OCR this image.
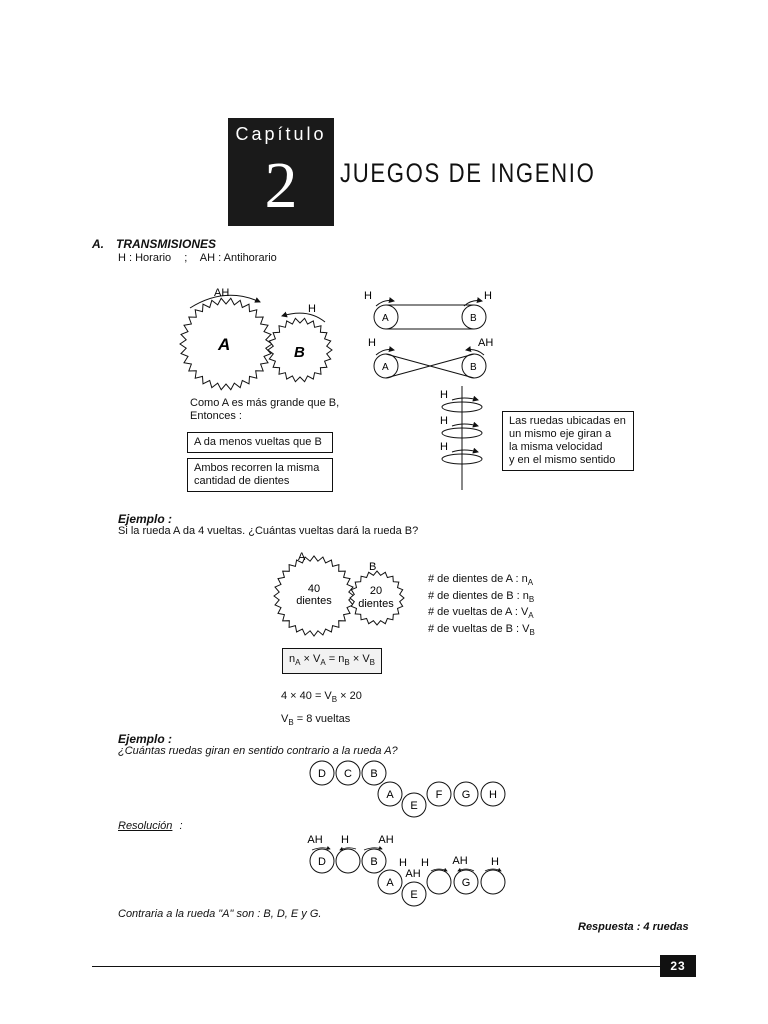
Capítulo
2	JUEGOS DE INGENIO
A. TRANSMISIONES
H : Horario ; AH : Antihorario
AH
H
A	B
H	H
A	B
H	AH
A	B
H
H
H
Las ruedas ubicadas en
un mismo eje giran a
la misma velocidad
y en el mismo sentido
Como A es más grande que B,
Entonces :
A da menos vueltas que B
Ambos recorren la misma
cantidad de dientes
Ejemplo :
Si la rueda A da 4 vueltas. ¿Cuántas vueltas dará la rueda B?
A
B
40
dientes
20
dientes
# de dientes de A : $n_A$
# de dientes de B : $n_B$
# de vueltas de A : $V_A$
# de vueltas de B : $V_B$
$n_A \times V_A = n_B \times V_B$
$4 \times 40 = V_B \times 20$
$V_B = 8$ vueltas
Ejemplo :
¿Cuántas ruedas giran en sentido contrario a la rueda A?
D C B
A
E
F G H
Resolución :
AH H	AH
H H AH
AH
H
D	B
A
E
G
Contraria a la rueda "A" son : B, D, E y G.
Respuesta : 4 ruedas
23
